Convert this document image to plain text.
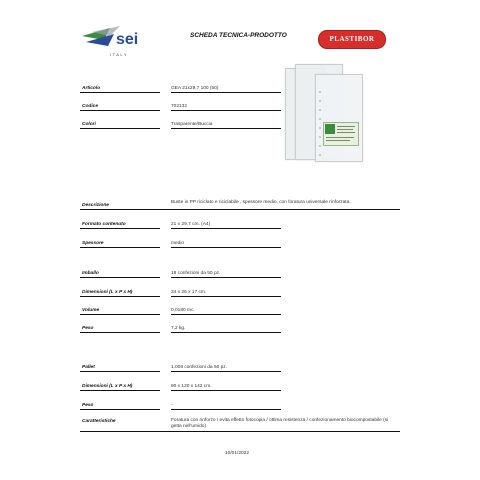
sei
ITALY
SCHEDA TECNICA-PRODOTTO	PLASTIBOR
Articolo	GEA 21x29,7 100 (50)
Codice	702132
Colori	Trasparente/Buccia
Descrizione
Buste in PP riciclato e riciclabile , spessore medio, con foratura universale rinforzata.
Formato contenuto	21 x 29,7 cm. (A4)
Spessore	medio
Imballo	18 confezioni da 50 pz.
Dimensioni (L x P x H)	34 x 26 x 17 cm.
Volume	0,0180 mc.
Peso	7,2 kg.
Pallet	1.008 confezioni da 50 pz.
Dimensioni (L x P x H)	80 x 120 x 142 cm.
Peso	-
Caratteristiche	Foratura con rinforzo / evita effetto fotocopia / ottima resistenza / confezionamento biocompostabile (si getta nell'umido)
10/01/2022
